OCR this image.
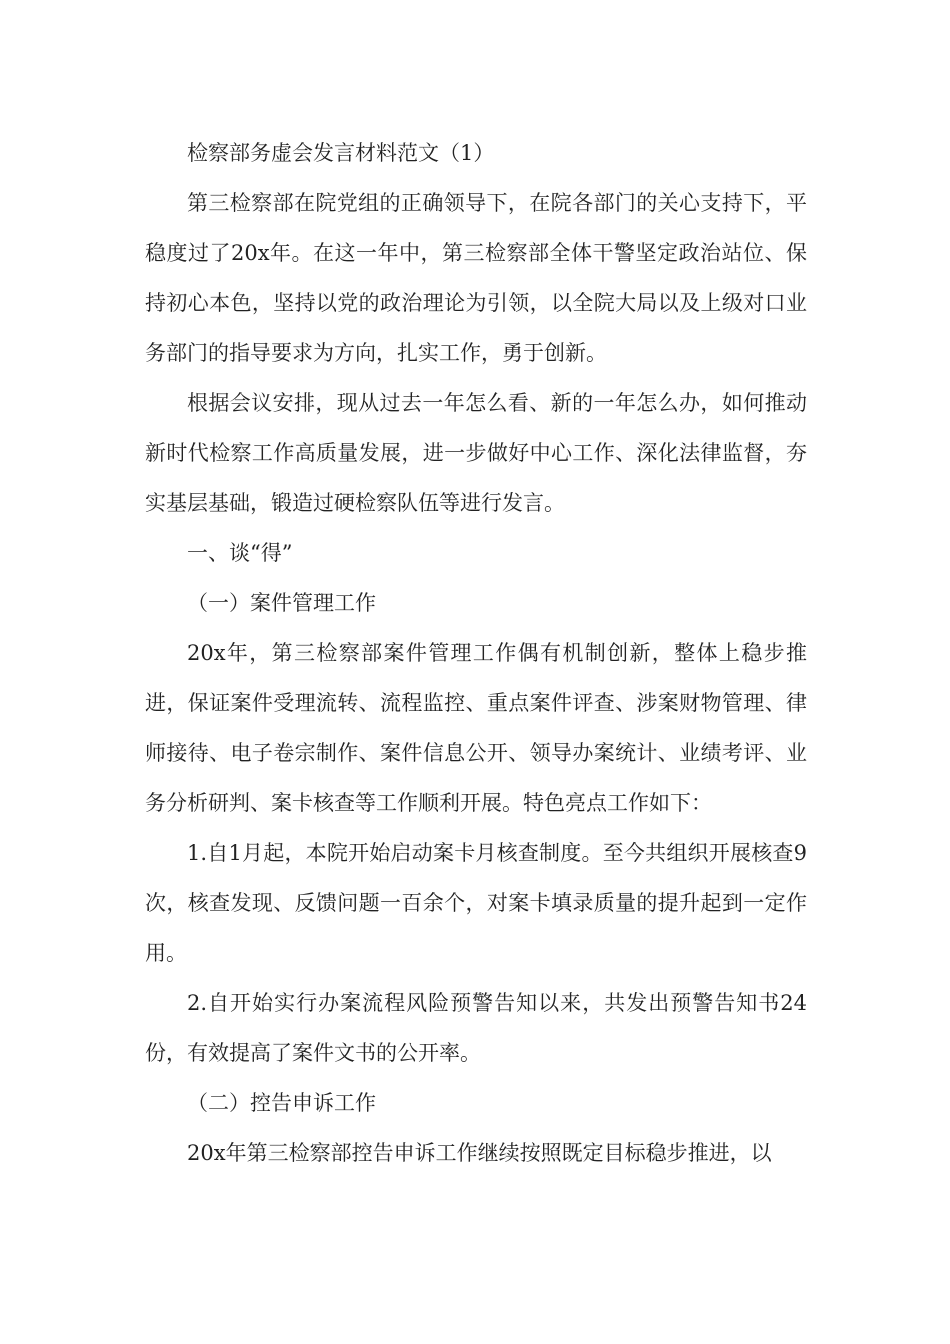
检察部务虚会发言材料范文（1）

第三检察部在院党组的正确领导下，在院各部门的关心支持下，平稳度过了20x年。在这一年中，第三检察部全体干警坚定政治站位、保持初心本色，坚持以党的政治理论为引领，以全院大局以及上级对口业务部门的指导要求为方向，扎实工作，勇于创新。

根据会议安排，现从过去一年怎么看、新的一年怎么办，如何推动新时代检察工作高质量发展，进一步做好中心工作、深化法律监督，夯实基层基础，锻造过硬检察队伍等进行发言。

一、谈“得”

（一）案件管理工作

20x年，第三检察部案件管理工作偶有机制创新，整体上稳步推进，保证案件受理流转、流程监控、重点案件评查、涉案财物管理、律师接待、电子卷宗制作、案件信息公开、领导办案统计、业绩考评、业务分析研判、案卡核查等工作顺利开展。特色亮点工作如下：

1.自1月起，本院开始启动案卡月核查制度。至今共组织开展核查9次，核查发现、反馈问题一百余个，对案卡填录质量的提升起到一定作用。

2.自开始实行办案流程风险预警告知以来，共发出预警告知书24份，有效提高了案件文书的公开率。

（二）控告申诉工作

20x年第三检察部控告申诉工作继续按照既定目标稳步推进，以
